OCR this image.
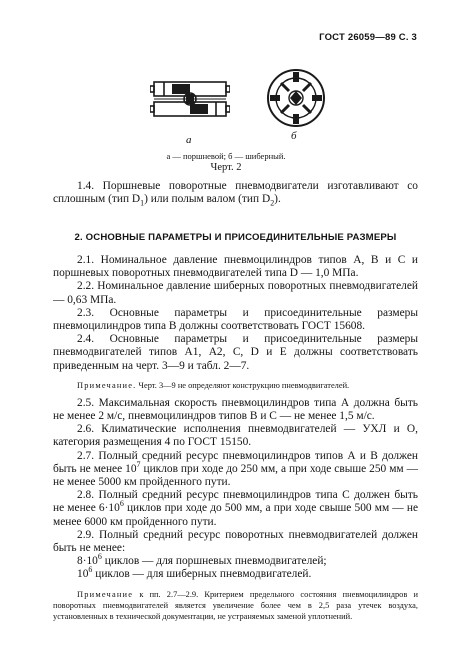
ГОСТ 26059—89 С. 3
а	б
а — поршневой; б — шиберный.
Черт. 2

1.4. Поршневые поворотные пневмодвигатели изготавливают со сплошным (тип $D_1$) или полым валом (тип $D_2$).

2. ОСНОВНЫЕ ПАРАМЕТРЫ И ПРИСОЕДИНИТЕЛЬНЫЕ РАЗМЕРЫ

2.1. Номинальное давление пневмоцилиндров типов А, В и С и поршневых поворотных пневмодвигателей типа D — 1,0 МПа.

2.2. Номинальное давление шиберных поворотных пневмодвигателей — 0,63 МПа.

2.3. Основные параметры и присоединительные размеры пневмоцилиндров типа В должны соответствовать ГОСТ 15608.

2.4. Основные параметры и присоединительные размеры пневмодвигателей типов А1, А2, С, D и Е должны соответствовать приведенным на черт. 3—9 и табл. 2—7.

Примечание. Черт. 3—9 не определяют конструкцию пневмодвигателей.

2.5. Максимальная скорость пневмоцилиндров типа А должна быть не менее 2 м/с, пневмоцилиндров типов В и С — не менее 1,5 м/с.

2.6. Климатические исполнения пневмодвигателей — УХЛ и О, категория размещения 4 по ГОСТ 15150.

2.7. Полный средний ресурс пневмоцилиндров типов А и В должен быть не менее $10^7$ циклов при ходе до 250 мм, а при ходе свыше 250 мм — не менее 5000 км пройденного пути.

2.8. Полный средний ресурс пневмоцилиндров типа С должен быть не менее $6\cdot 10^6$ циклов при ходе до 500 мм, а при ходе свыше 500 мм — не менее 6000 км пройденного пути.

2.9. Полный средний ресурс поворотных пневмодвигателей должен быть не менее:

$8\cdot 10^6$ циклов — для поршневых пневмодвигателей;

$10^6$ циклов — для шиберных пневмодвигателей.

Примечание к пп. 2.7—2.9. Критерием предельного состояния пневмоцилиндров и поворотных пневмодвигателей является увеличение более чем в 2,5 раза утечек воздуха, установленных в технической документации, не устраняемых заменой уплотнений.
